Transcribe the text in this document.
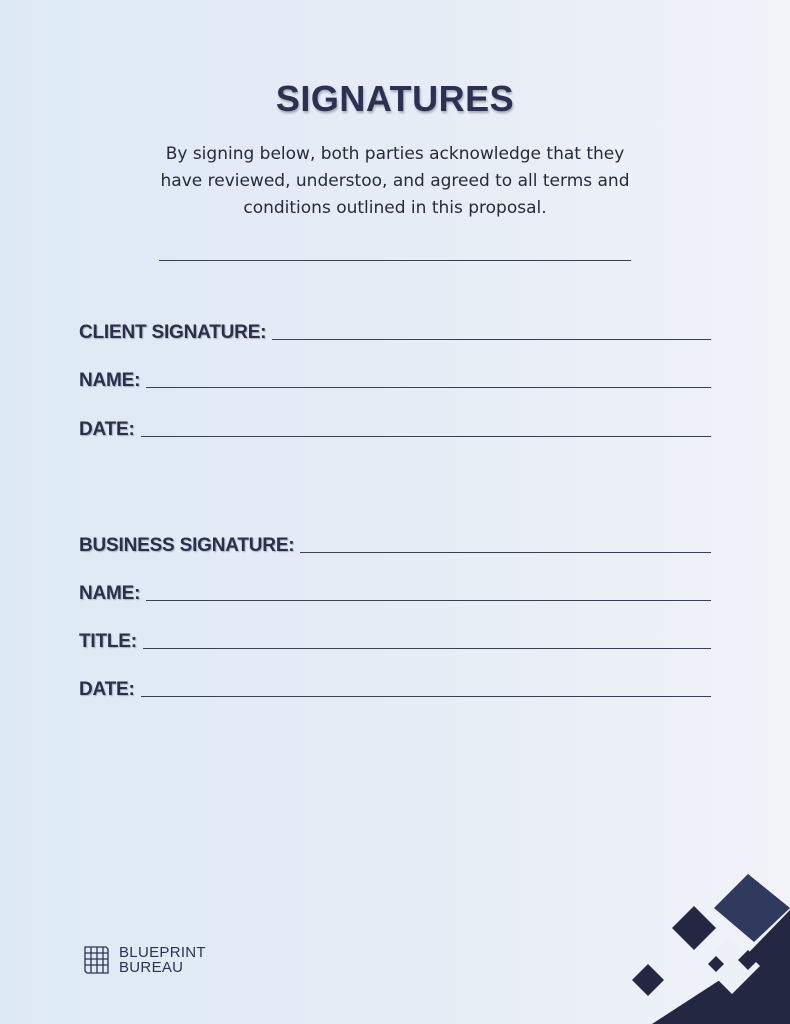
SIGNATURES
By signing below, both parties acknowledge that they
have reviewed, understoo, and agreed to all terms and
conditions outlined in this proposal.
CLIENT SIGNATURE:
NAME:
DATE:
BUSINESS SIGNATURE:
NAME:
TITLE:
DATE:
BLUEPRINT
BUREAU
